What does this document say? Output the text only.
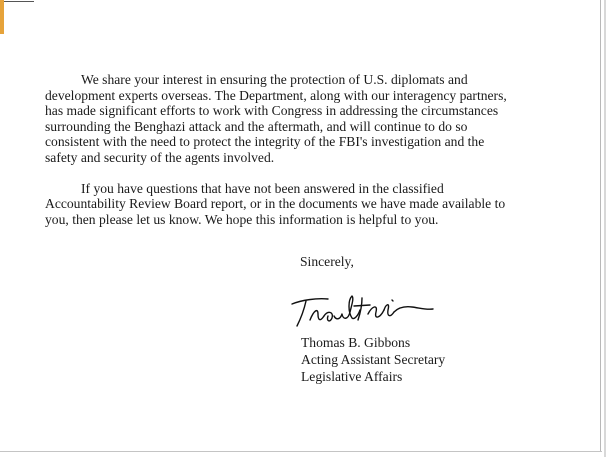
We share your interest in ensuring the protection of U.S. diplomats and development experts overseas. The Department, along with our interagency partners, has made significant efforts to work with Congress in addressing the circumstances surrounding the Benghazi attack and the aftermath, and will continue to do so consistent with the need to protect the integrity of the FBI's investigation and the safety and security of the agents involved.

If you have questions that have not been answered in the classified Accountability Review Board report, or in the documents we have made available to you, then please let us know. We hope this information is helpful to you.

Sincerely,
Thomas B. Gibbons
Acting Assistant Secretary
Legislative Affairs
